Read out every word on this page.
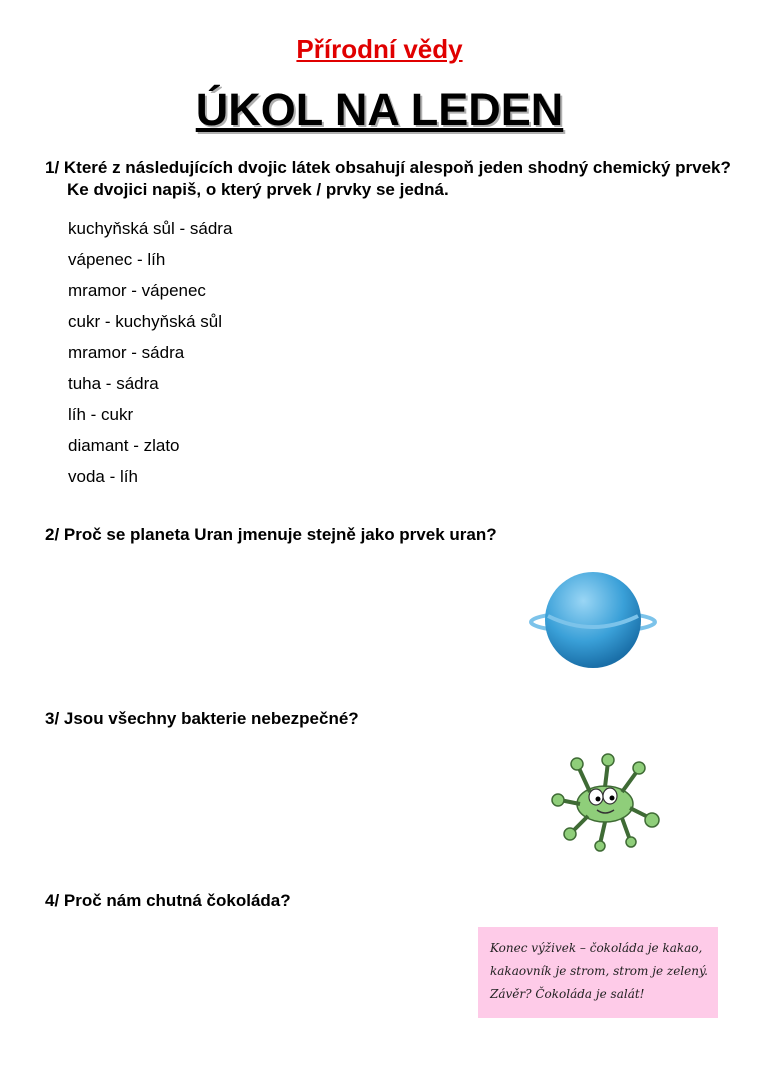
Přírodní vědy
ÚKOL NA LEDEN
1/ Které z následujících dvojic látek obsahují alespoň jeden shodný chemický prvek? Ke dvojici napiš, o který prvek / prvky se jedná.
kuchyňská sůl - sádra
vápenec - líh
mramor - vápenec
cukr - kuchyňská sůl
mramor - sádra
tuha - sádra
líh - cukr
diamant - zlato
voda - líh
2/ Proč se planeta Uran jmenuje stejně jako prvek uran?
3/ Jsou všechny bakterie nebezpečné?
4/ Proč nám chutná čokoláda?
Konec výživek – čokoláda je kakao,
kakaovník je strom, strom je zelený.
Závěr? Čokoláda je salát!
